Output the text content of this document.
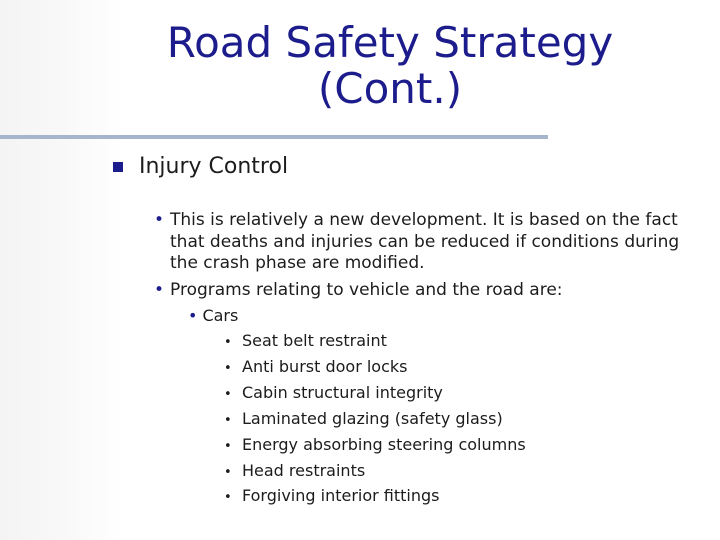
Road Safety Strategy
(Cont.)
Injury Control
• This is relatively a new development. It is based on the fact that deaths and injuries can be reduced if conditions during the crash phase are modified.
• Programs relating to vehicle and the road are:
• Cars
• Seat belt restraint
• Anti burst door locks
• Cabin structural integrity
• Laminated glazing (safety glass)
• Energy absorbing steering columns
• Head restraints
• Forgiving interior fittings
